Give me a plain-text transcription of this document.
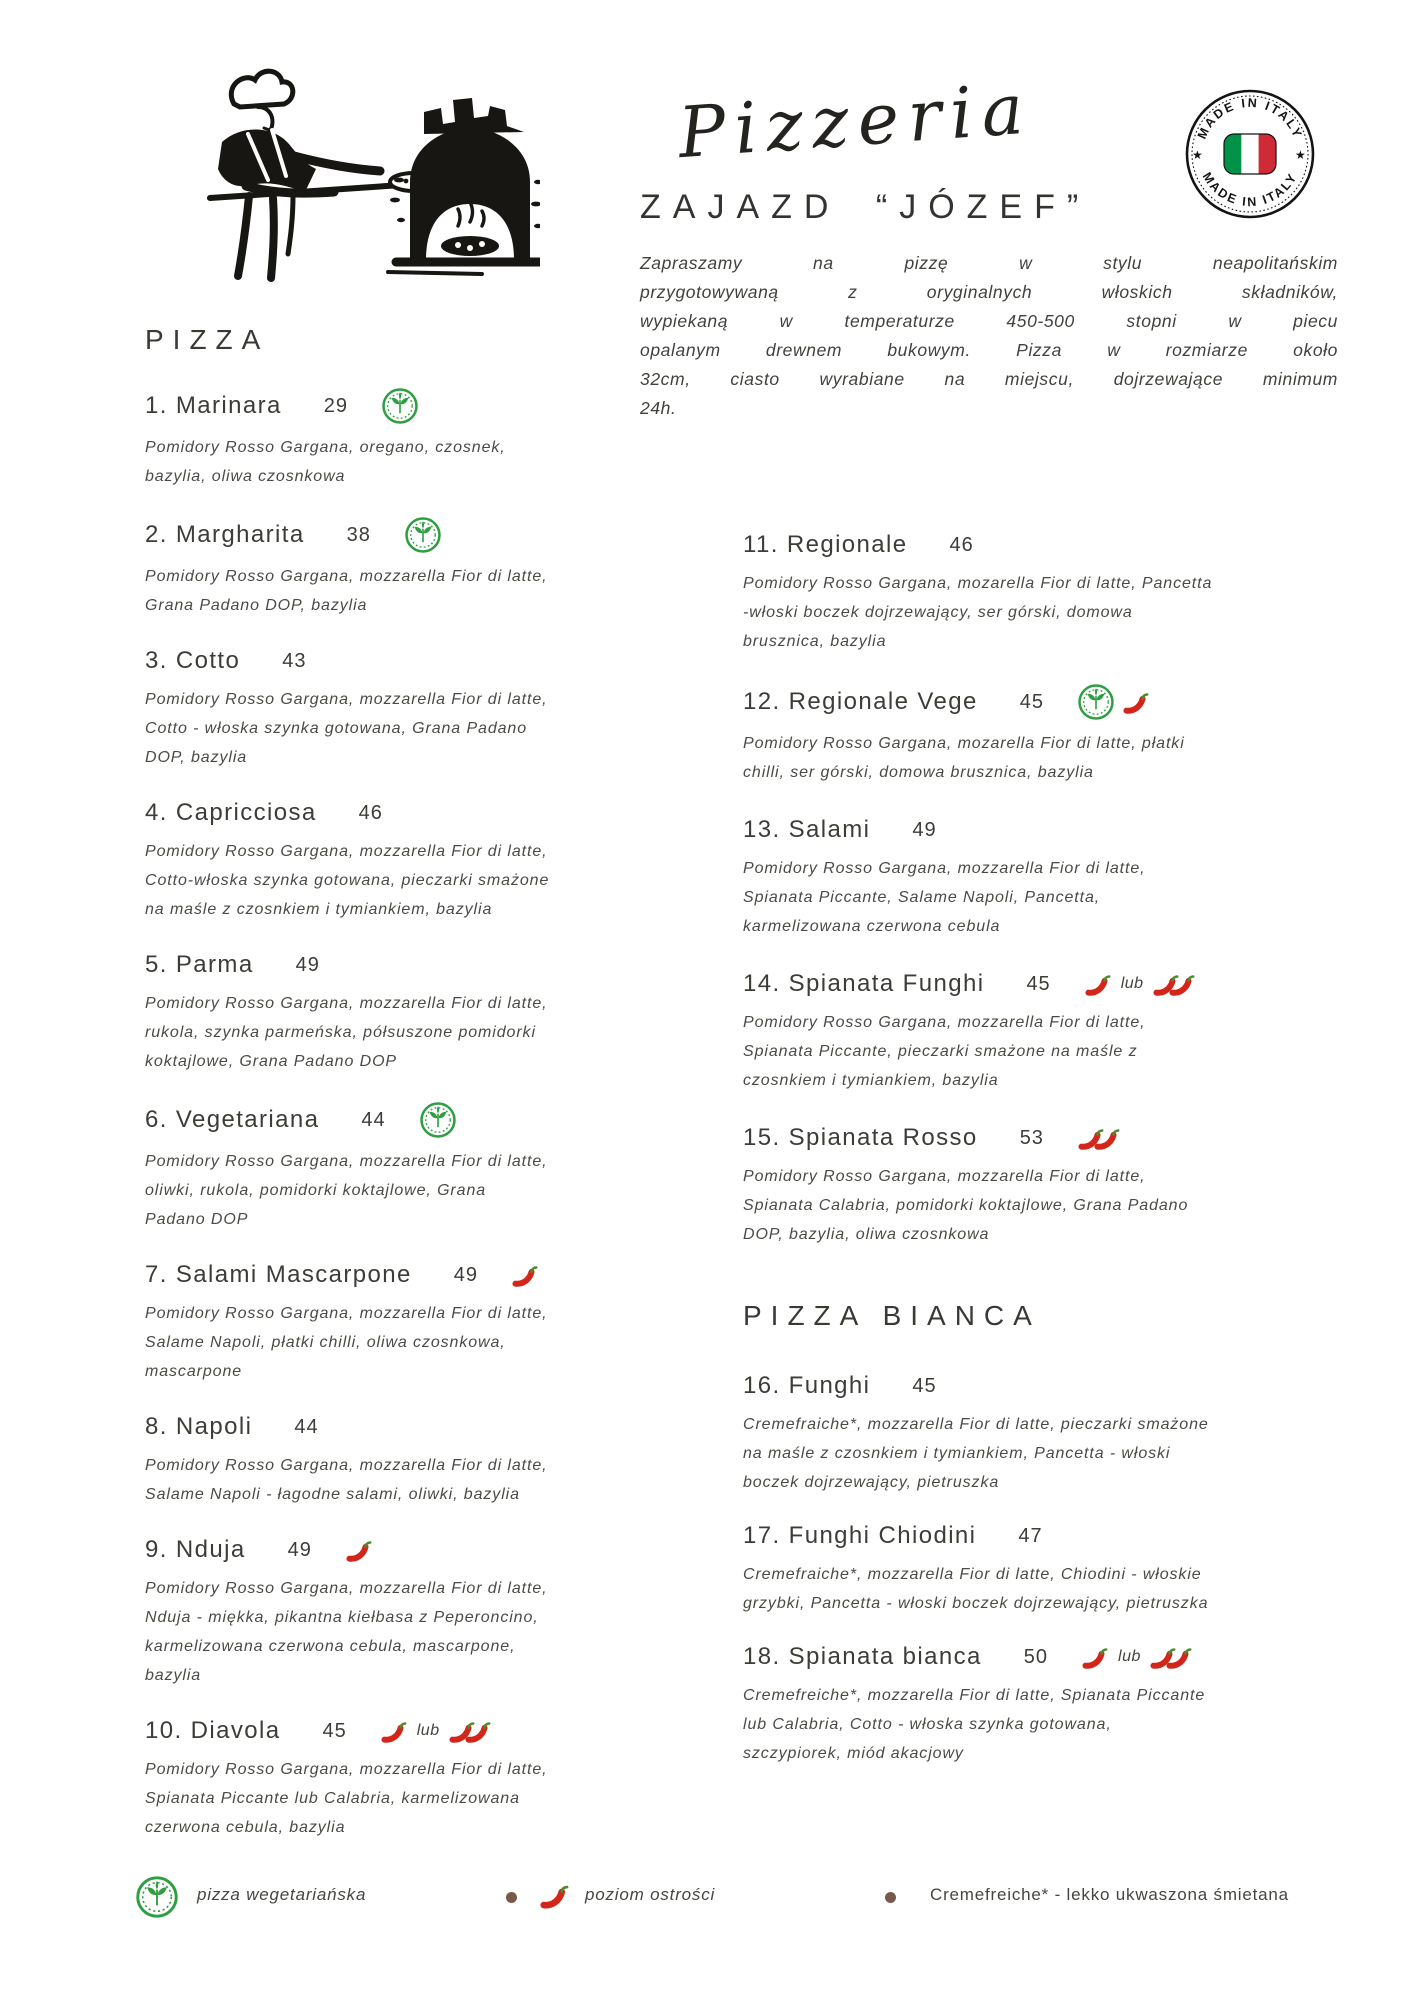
Pizzeria
ZAJAZD “JÓZEF”
MADE IN ITALY
MADE IN ITALY
★	★
Zapraszamy na pizzę w stylu neapolitańskim
przygotowywaną z oryginalnych włoskich składników,
wypiekaną w temperaturze 450-500 stopni w piecu
opalanym drewnem bukowym. Pizza w rozmiarze około
32cm, ciasto wyrabiane na miejscu, dojrzewające minimum
24h.
PIZZA
1. Marinara 29
Pomidory Rosso Gargana, oregano, czosnek, bazylia, oliwa czosnkowa
2. Margharita 38
Pomidory Rosso Gargana, mozzarella Fior di latte, Grana Padano DOP, bazylia
3. Cotto 43
Pomidory Rosso Gargana, mozzarella Fior di latte, Cotto - włoska szynka gotowana, Grana Padano DOP, bazylia
4. Capricciosa 46
Pomidory Rosso Gargana, mozzarella Fior di latte, Cotto-włoska szynka gotowana, pieczarki smażone na maśle z czosnkiem i tymiankiem, bazylia
5. Parma 49
Pomidory Rosso Gargana, mozzarella Fior di latte, rukola, szynka parmeńska, półsuszone pomidorki koktajlowe, Grana Padano DOP
6. Vegetariana 44
Pomidory Rosso Gargana, mozzarella Fior di latte, oliwki, rukola, pomidorki koktajlowe, Grana Padano DOP
7. Salami Mascarpone 49
Pomidory Rosso Gargana, mozzarella Fior di latte, Salame Napoli, płatki chilli, oliwa czosnkowa, mascarpone
8. Napoli 44
Pomidory Rosso Gargana, mozzarella Fior di latte, Salame Napoli - łagodne salami, oliwki, bazylia
9. Nduja 49
Pomidory Rosso Gargana, mozzarella Fior di latte, Nduja - miękka, pikantna kiełbasa z Peperoncino, karmelizowana czerwona cebula, mascarpone, bazylia
10. Diavola 45	lub
Pomidory Rosso Gargana, mozzarella Fior di latte, Spianata Piccante lub Calabria, karmelizowana czerwona cebula, bazylia
11. Regionale 46
Pomidory Rosso Gargana, mozarella Fior di latte, Pancetta -włoski boczek dojrzewający, ser górski, domowa brusznica, bazylia
12. Regionale Vege 45
Pomidory Rosso Gargana, mozarella Fior di latte, płatki chilli, ser górski, domowa brusznica, bazylia
13. Salami 49
Pomidory Rosso Gargana, mozzarella Fior di latte, Spianata Piccante, Salame Napoli, Pancetta, karmelizowana czerwona cebula
14. Spianata Funghi 45	lub
Pomidory Rosso Gargana, mozzarella Fior di latte, Spianata Piccante, pieczarki smażone na maśle z czosnkiem i tymiankiem, bazylia
15. Spianata Rosso 53
Pomidory Rosso Gargana, mozzarella Fior di latte, Spianata Calabria, pomidorki koktajlowe, Grana Padano DOP, bazylia, oliwa czosnkowa
PIZZA BIANCA
16. Funghi 45
Cremefraiche*, mozzarella Fior di latte, pieczarki smażone na maśle z czosnkiem i tymiankiem, Pancetta - włoski boczek dojrzewający, pietruszka
17. Funghi Chiodini 47
Cremefraiche*, mozzarella Fior di latte, Chiodini - włoskie grzybki, Pancetta - włoski boczek dojrzewający, pietruszka
18. Spianata bianca 50	lub
Cremefreiche*, mozzarella Fior di latte, Spianata Piccante lub Calabria, Cotto - włoska szynka gotowana, szczypiorek, miód akacjowy
pizza wegetariańska	poziom ostrości	Cremefreiche* - lekko ukwaszona śmietana
